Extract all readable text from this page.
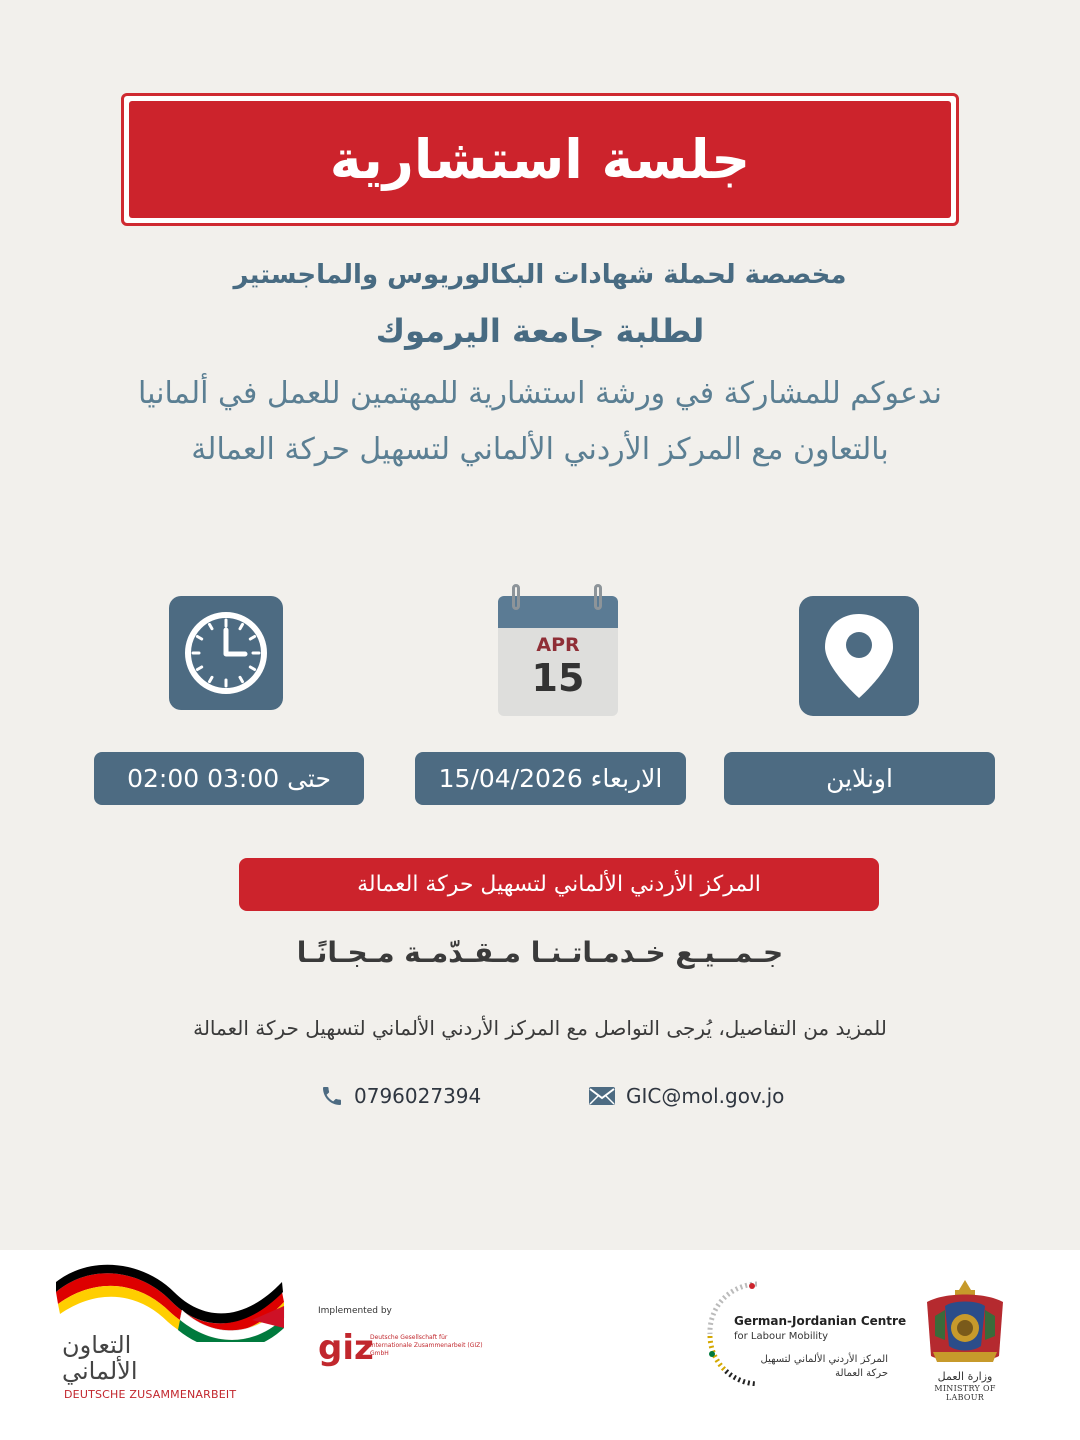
جلسة استشارية
مخصصة لحملة شهادات البكالوريوس والماجستير
لطلبة جامعة اليرموك
ندعوكم للمشاركة في ورشة استشارية للمهتمين للعمل في ألمانيا
بالتعاون مع المركز الأردني الألماني لتسهيل حركة العمالة
APR
15
02:00 حتى 03:00	الاربعاء 15/04/2026	اونلاين
المركز الأردني الألماني لتسهيل حركة العمالة
جـمــيـع خـدمـاتـنـا مـقـدّمـة مـجـانًـا
للمزيد من التفاصيل، يُرجى التواصل مع المركز الأردني الألماني لتسهيل حركة العمالة
0796027394	GIC@mol.gov.jo
التعاون الألماني
DEUTSCHE ZUSAMMENARBEIT
Implemented by
giz
Deutsche Gesellschaft für Internationale Zusammenarbeit (GIZ) GmbH
German-Jordanian Centre
for Labour Mobility
المركز الأردني الألماني لتسهيل
حركة العمالة	وزارة العمل
MINISTRY OF LABOUR
